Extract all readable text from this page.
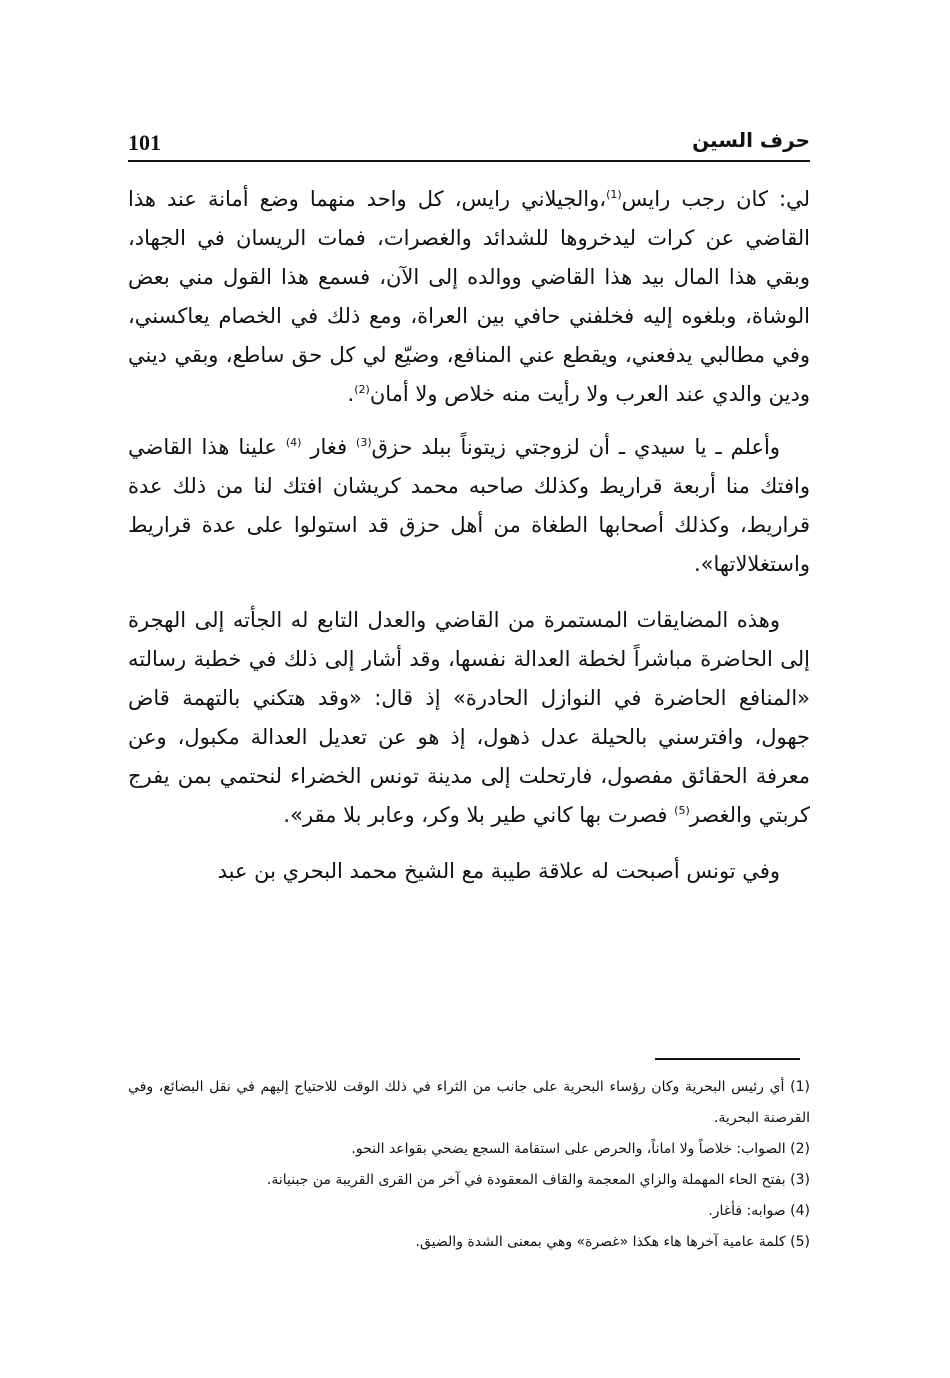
101	حرف السين

لي: كان رجب رايس$^{(1)}$،والجيلاني رايس، كل واحد منهما وضع أمانة عند هذا القاضي عن كرات ليدخروها للشدائد والغصرات، فمات الريسان في الجهاد، وبقي هذا المال بيد هذا القاضي ووالده إلى الآن، فسمع هذا القول مني بعض الوشاة، وبلغوه إليه فخلفني حافي بين العراة، ومع ذلك في الخصام يعاكسني، وفي مطالبي يدفعني، ويقطع عني المنافع، وضيّع لي كل حق ساطع، وبقي ديني ودين والدي عند العرب ولا رأيت منه خلاص ولا أمان$^{(2)}$.

وأعلم ـ يا سيدي ـ أن لزوجتي زيتوناً ببلد حزق$^{(3)}$ فغار $^{(4)}$ علينا هذا القاضي وافتك منا أربعة قراريط وكذلك صاحبه محمد كريشان افتك لنا من ذلك عدة قراريط، وكذلك أصحابها الطغاة من أهل حزق قد استولوا على عدة قراريط واستغلالاتها».

وهذه المضايقات المستمرة من القاضي والعدل التابع له الجأته إلى الهجرة إلى الحاضرة مباشراً لخطة العدالة نفسها، وقد أشار إلى ذلك في خطبة رسالته «المنافع الحاضرة في النوازل الحادرة» إذ قال: «وقد هتكني بالتهمة قاض جهول، وافترسني بالحيلة عدل ذهول، إذ هو عن تعديل العدالة مكبول، وعن معرفة الحقائق مفصول، فارتحلت إلى مدينة تونس الخضراء لنحتمي بمن يفرج كربتي والغصر$^{(5)}$ فصرت بها كاني طير بلا وكر، وعابر بلا مقر».

وفي تونس أصبحت له علاقة طيبة مع الشيخ محمد البحري بن عبد

(1) أي رئيس البحرية وكان رؤساء البحرية على جانب من الثراء في ذلك الوقت للاحتياج إليهم في نقل البضائع، وفي القرصنة البحرية.

(2) الصواب: خلاصاً ولا اماناً، والحرص على استقامة السجع يضحي بقواعد النحو.

(3) بفتح الحاء المهملة والزاي المعجمة والقاف المعقودة في آخر من القرى القريبة من جبنيانة.

(4) صوابه: فأغار.

(5) كلمة عامية آخرها هاء هكذا «غصرة» وهي بمعنى الشدة والضيق.
